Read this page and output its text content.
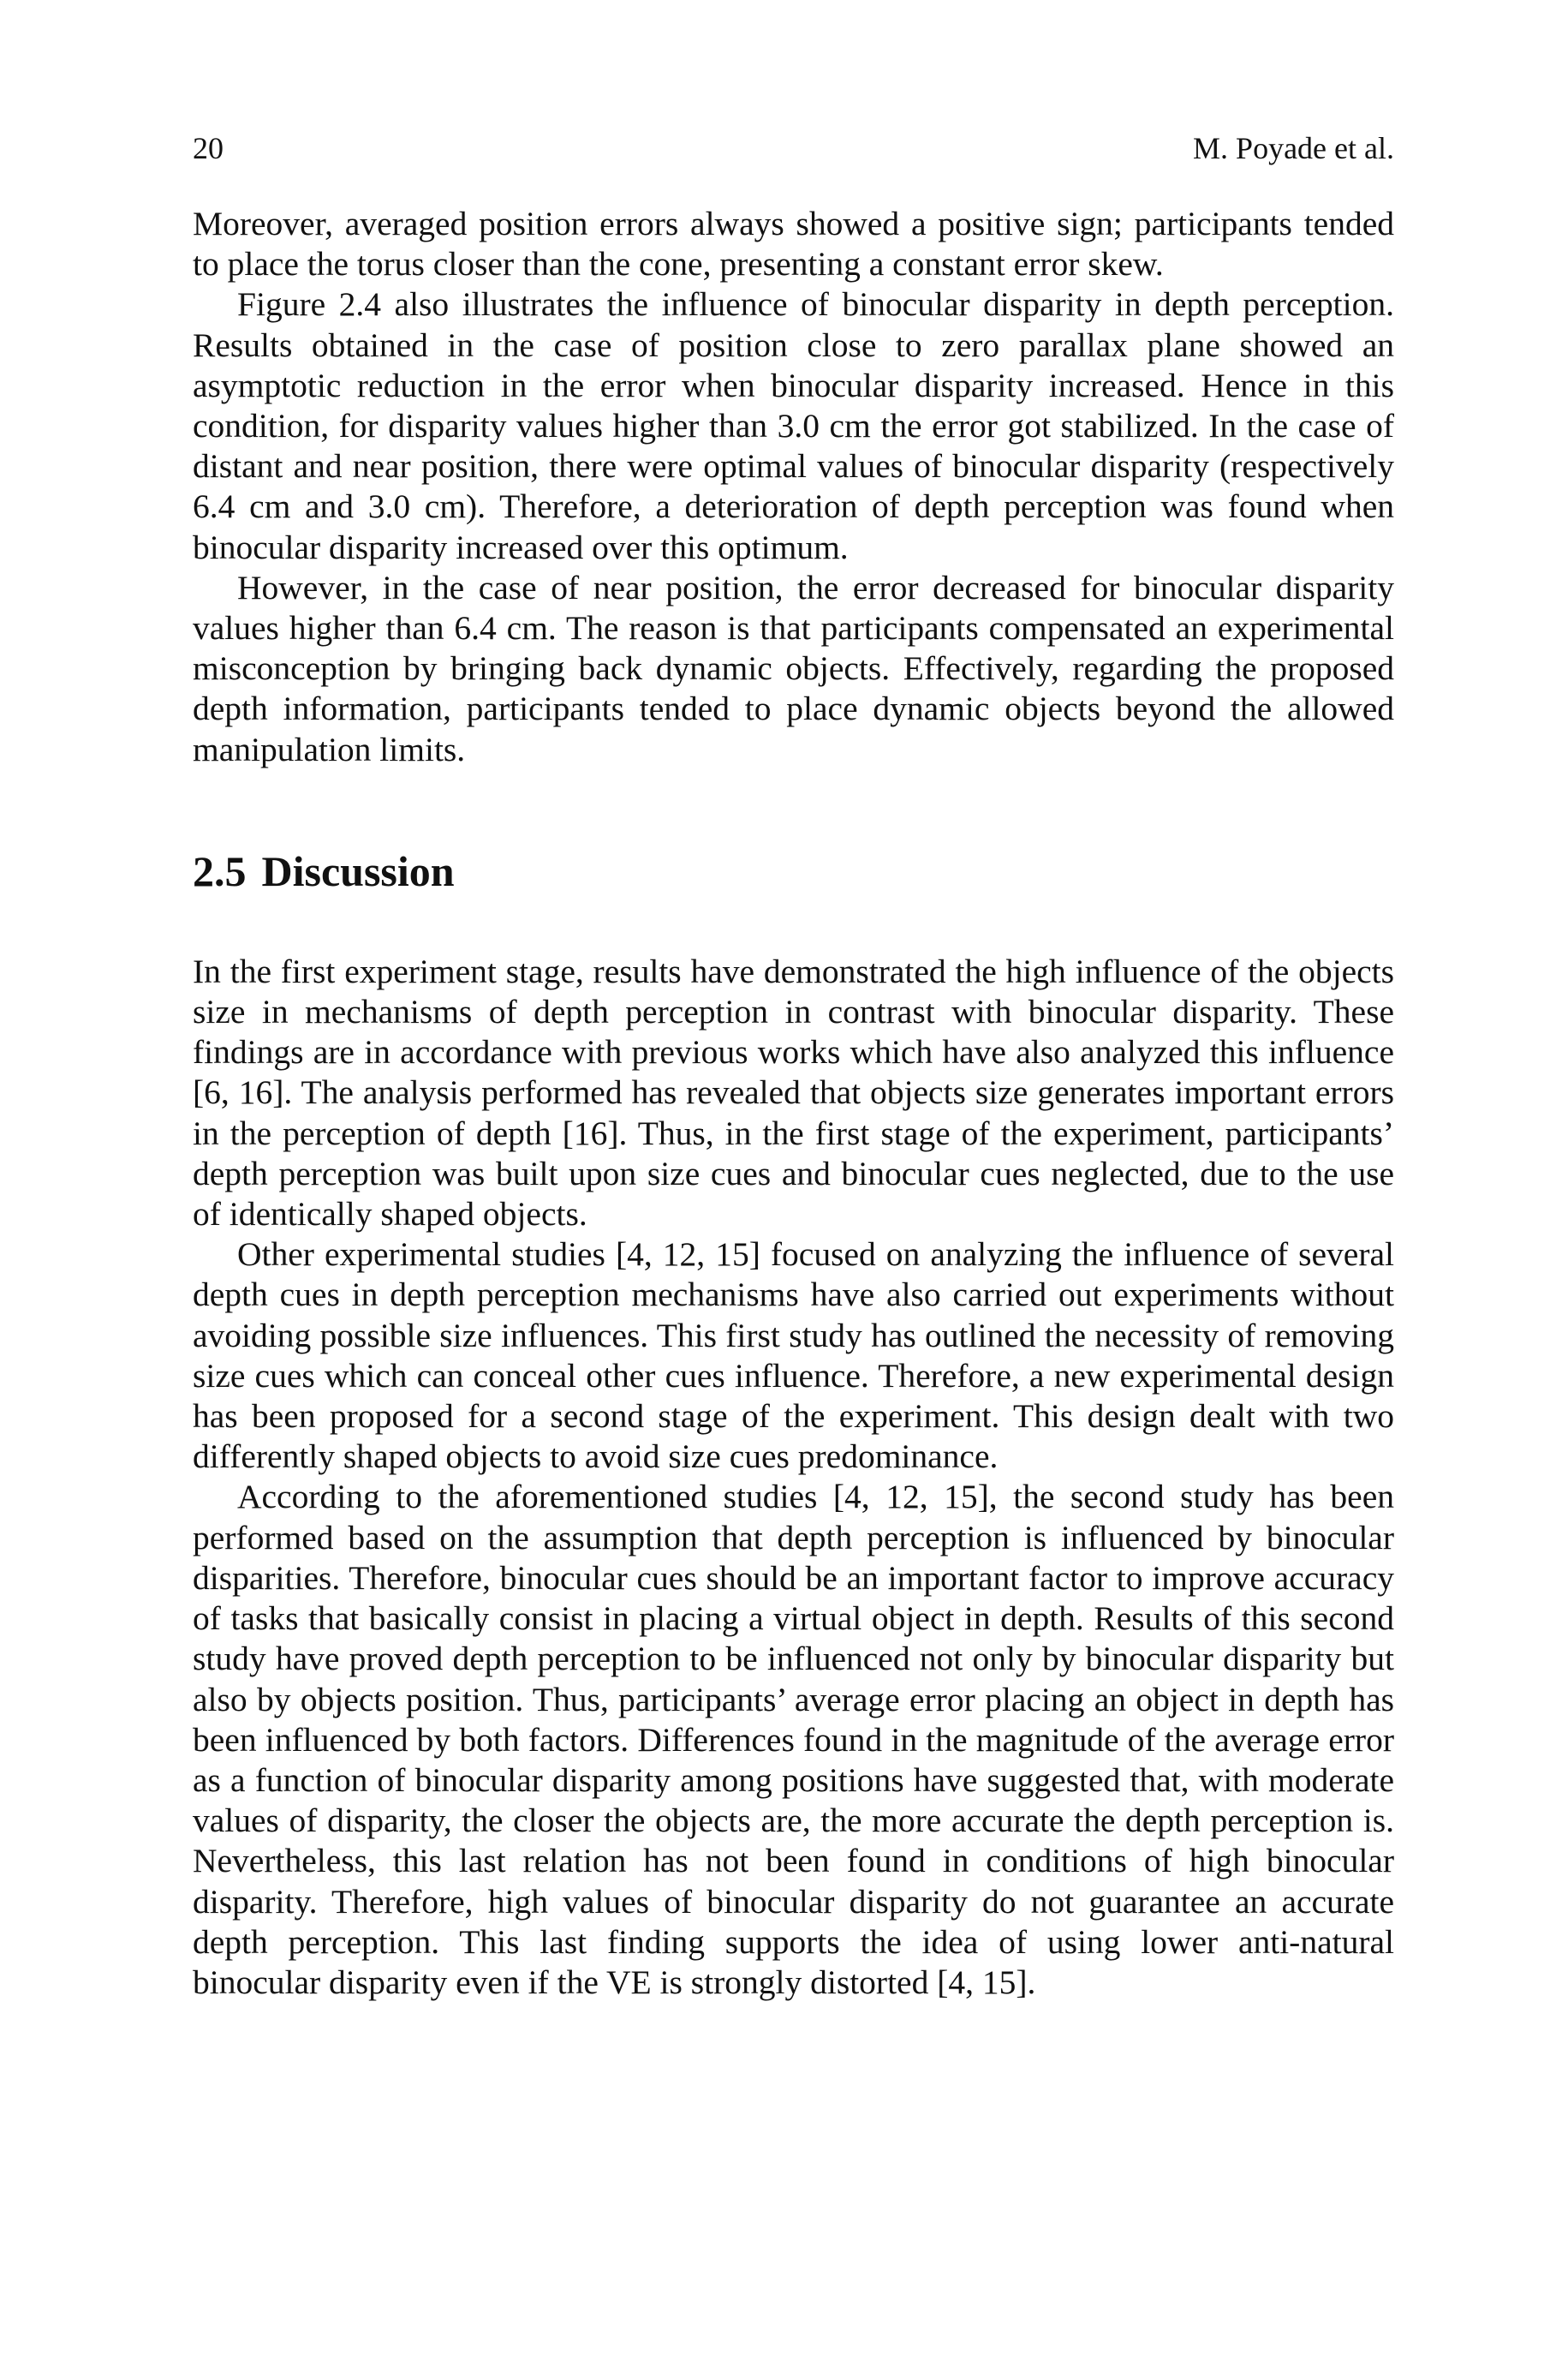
20	M. Poyade et al.

Moreover, averaged position errors always showed a positive sign; participants tended to place the torus closer than the cone, presenting a constant error skew.

Figure 2.4 also illustrates the influence of binocular disparity in depth perception. Results obtained in the case of position close to zero parallax plane showed an asymptotic reduction in the error when binocular disparity increased. Hence in this condition, for disparity values higher than 3.0 cm the error got stabilized. In the case of distant and near position, there were optimal values of binocular disparity (respectively 6.4 cm and 3.0 cm). Therefore, a deterioration of depth perception was found when binocular disparity increased over this optimum.

However, in the case of near position, the error decreased for binocular disparity values higher than 6.4 cm. The reason is that participants compensated an experimental misconception by bringing back dynamic objects. Effectively, regarding the proposed depth information, participants tended to place dynamic objects beyond the allowed manipulation limits.

2.5 Discussion

In the first experiment stage, results have demonstrated the high influence of the objects size in mechanisms of depth perception in contrast with binocular disparity. These findings are in accordance with previous works which have also analyzed this influence [6, 16]. The analysis performed has revealed that objects size generates important errors in the perception of depth [16]. Thus, in the first stage of the experiment, participants’ depth perception was built upon size cues and binocular cues neglected, due to the use of identically shaped objects.

Other experimental studies [4, 12, 15] focused on analyzing the influence of several depth cues in depth perception mechanisms have also carried out experiments without avoiding possible size influences. This first study has outlined the necessity of removing size cues which can conceal other cues influence. Therefore, a new experimental design has been proposed for a second stage of the experiment. This design dealt with two differently shaped objects to avoid size cues predominance.

According to the aforementioned studies [4, 12, 15], the second study has been performed based on the assumption that depth perception is influenced by binocular disparities. Therefore, binocular cues should be an important factor to improve accuracy of tasks that basically consist in placing a virtual object in depth. Results of this second study have proved depth perception to be influenced not only by binocular disparity but also by objects position. Thus, participants’ average error placing an object in depth has been influenced by both factors. Differences found in the magnitude of the average error as a function of binocular disparity among positions have suggested that, with moderate values of disparity, the closer the objects are, the more accurate the depth perception is. Nevertheless, this last relation has not been found in conditions of high binocular disparity. Therefore, high values of binocular disparity do not guarantee an accurate depth perception. This last finding supports the idea of using lower anti-natural binocular disparity even if the VE is strongly distorted [4, 15].
